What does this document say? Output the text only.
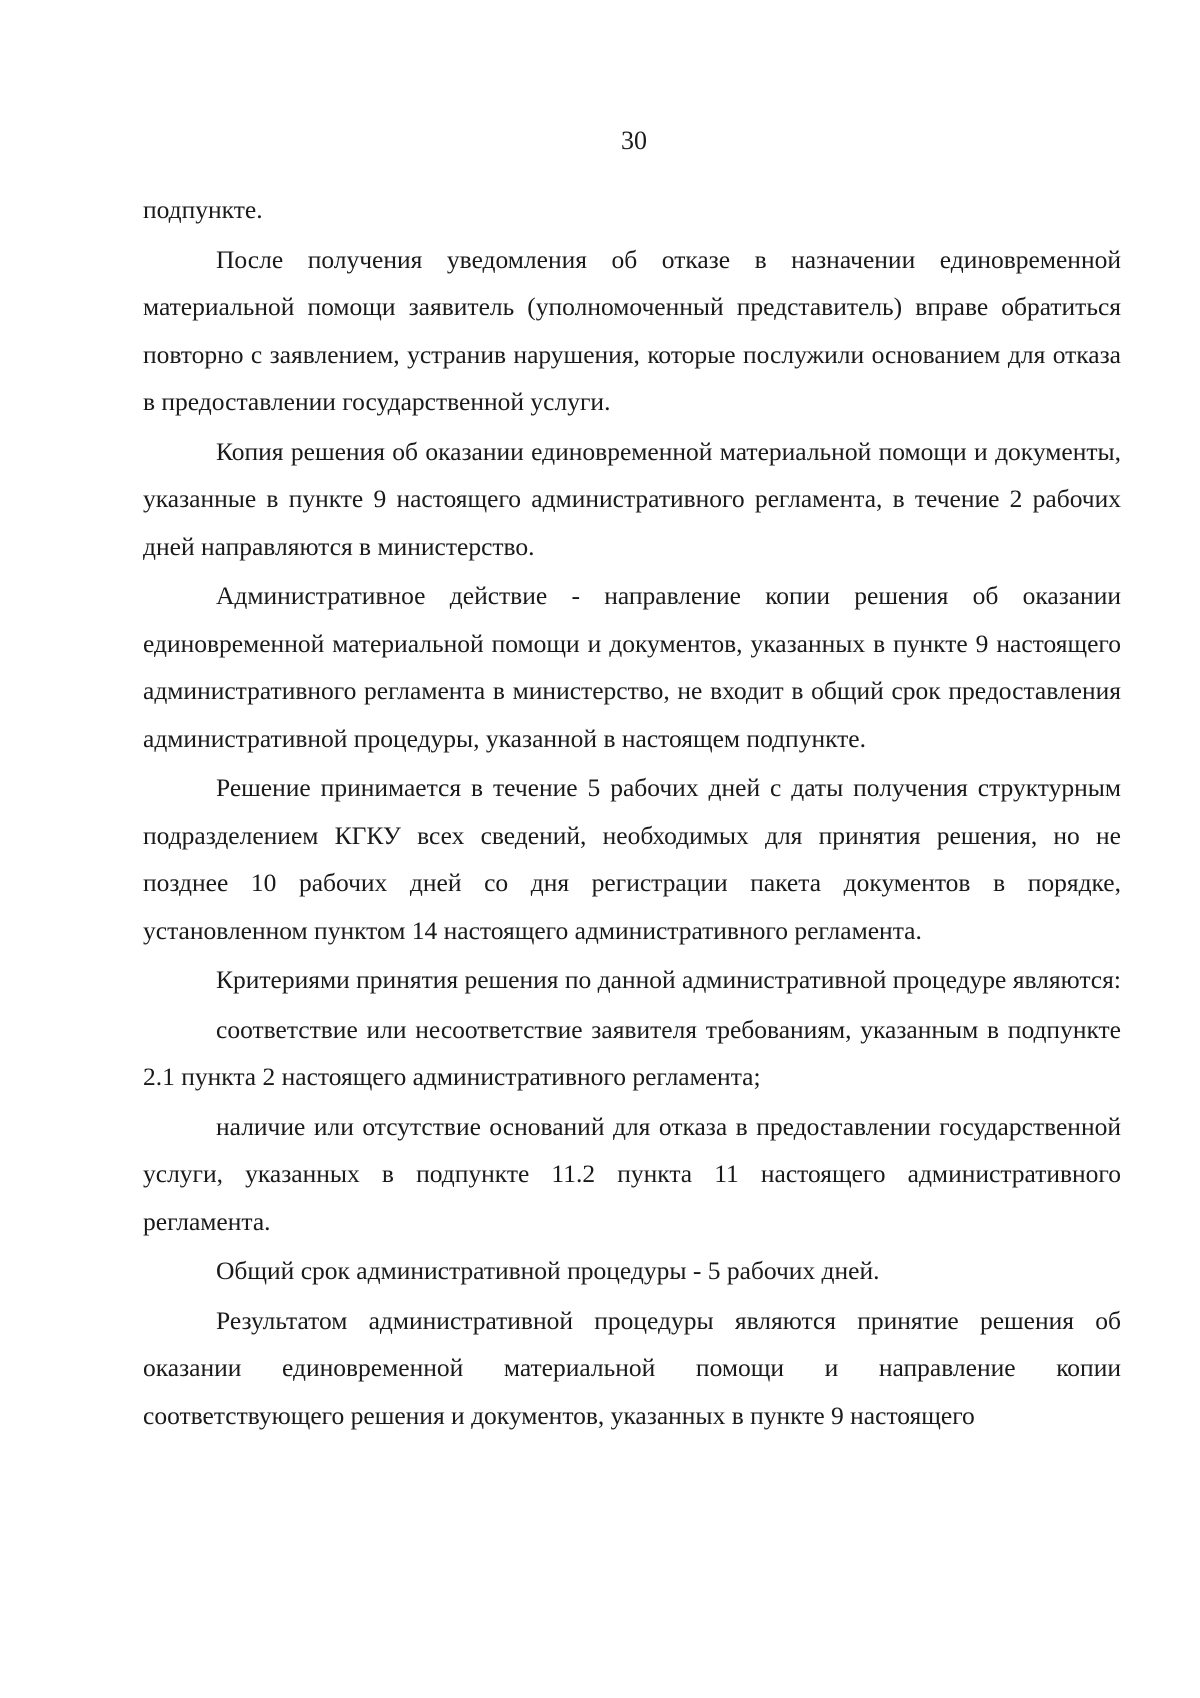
30

подпункте.

После получения уведомления об отказе в назначении единовременной материальной помощи заявитель (уполномоченный представитель) вправе обратиться повторно с заявлением, устранив нарушения, которые послужили основанием для отказа в предоставлении государственной услуги.

Копия решения об оказании единовременной материальной помощи и документы, указанные в пункте 9 настоящего административного регламента, в течение 2 рабочих дней направляются в министерство.

Административное действие - направление копии решения об оказании единовременной материальной помощи и документов, указанных в пункте 9 настоящего административного регламента в министерство, не входит в общий срок предоставления административной процедуры, указанной в настоящем подпункте.

Решение принимается в течение 5 рабочих дней с даты получения структурным подразделением КГКУ всех сведений, необходимых для принятия решения, но не позднее 10 рабочих дней со дня регистрации пакета документов в порядке, установленном пунктом 14 настоящего административного регламента.

Критериями принятия решения по данной административной процедуре являются:

соответствие или несоответствие заявителя требованиям, указанным в подпункте 2.1 пункта 2 настоящего административного регламента;

наличие или отсутствие оснований для отказа в предоставлении государственной услуги, указанных в подпункте 11.2 пункта 11 настоящего административного регламента.

Общий срок административной процедуры - 5 рабочих дней.

Результатом административной процедуры являются принятие решения об оказании единовременной материальной помощи и направление копии соответствующего решения и документов, указанных в пункте 9 настоящего
